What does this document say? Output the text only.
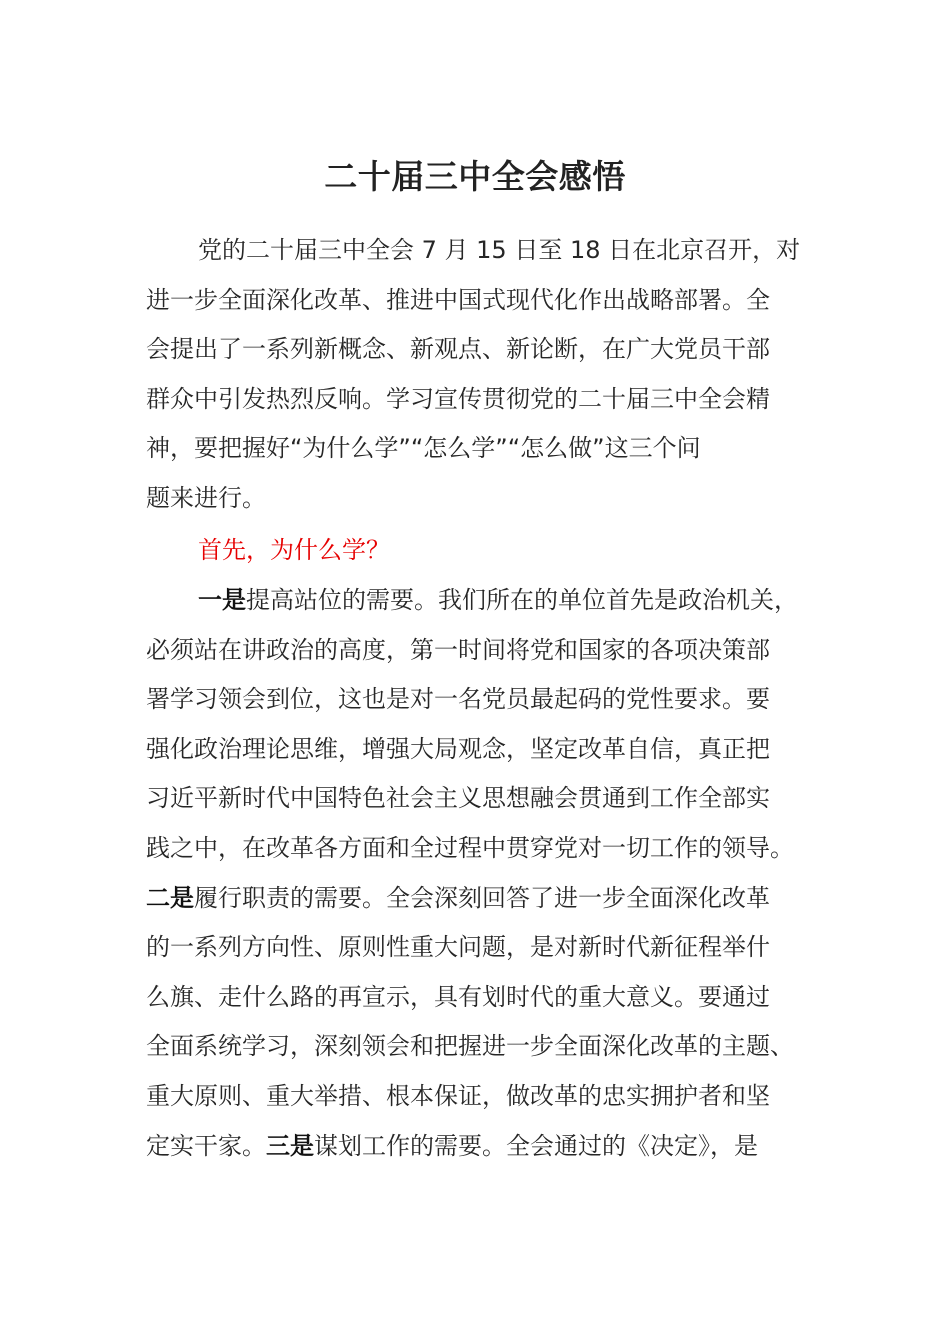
二十届三中全会感悟
党的二十届三中全会 7 月 15 日至 18 日在北京召开，对
进一步全面深化改革、推进中国式现代化作出战略部署。全
会提出了一系列新概念、新观点、新论断，在广大党员干部
群众中引发热烈反响。学习宣传贯彻党的二十届三中全会精
神，要把握好“为什么学”“怎么学”“怎么做”这三个问
题来进行。
首先，为什么学？
一是提高站位的需要。我们所在的单位首先是政治机关，
必须站在讲政治的高度，第一时间将党和国家的各项决策部
署学习领会到位，这也是对一名党员最起码的党性要求。要
强化政治理论思维，增强大局观念，坚定改革自信，真正把
习近平新时代中国特色社会主义思想融会贯通到工作全部实
践之中，在改革各方面和全过程中贯穿党对一切工作的领导。
二是履行职责的需要。全会深刻回答了进一步全面深化改革
的一系列方向性、原则性重大问题，是对新时代新征程举什
么旗、走什么路的再宣示，具有划时代的重大意义。要通过
全面系统学习，深刻领会和把握进一步全面深化改革的主题、
重大原则、重大举措、根本保证，做改革的忠实拥护者和坚
定实干家。三是谋划工作的需要。全会通过的《决定》，是
